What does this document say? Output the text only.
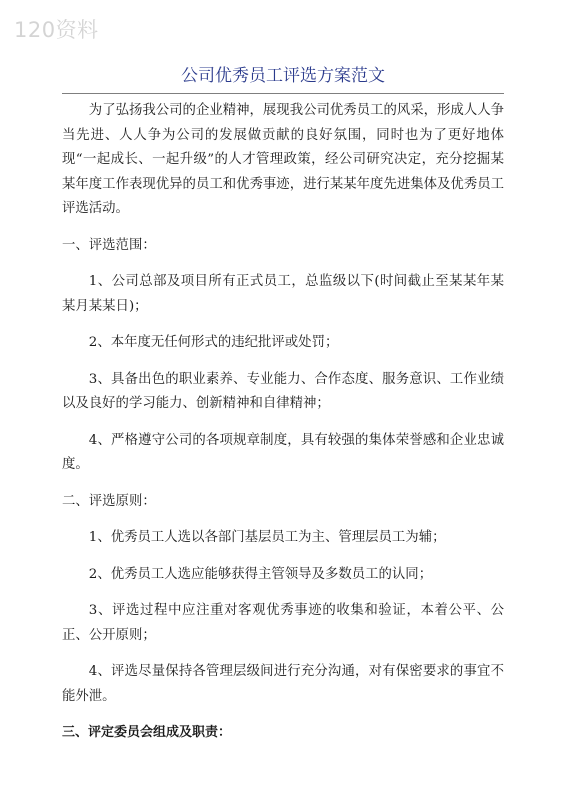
120资料
公司优秀员工评选方案范文

为了弘扬我公司的企业精神，展现我公司优秀员工的风采，形成人人争当先进、人人争为公司的发展做贡献的良好氛围，同时也为了更好地体现“一起成长、一起升级”的人才管理政策，经公司研究决定，充分挖掘某某年度工作表现优异的员工和优秀事迹，进行某某年度先进集体及优秀员工评选活动。

一、评选范围：

1、公司总部及项目所有正式员工，总监级以下(时间截止至某某年某某月某某日)；

2、本年度无任何形式的违纪批评或处罚；

3、具备出色的职业素养、专业能力、合作态度、服务意识、工作业绩以及良好的学习能力、创新精神和自律精神；

4、严格遵守公司的各项规章制度，具有较强的集体荣誉感和企业忠诚度。

二、评选原则：

1、优秀员工人选以各部门基层员工为主、管理层员工为辅；

2、优秀员工人选应能够获得主管领导及多数员工的认同；

3、评选过程中应注重对客观优秀事迹的收集和验证，本着公平、公正、公开原则；

4、评选尽量保持各管理层级间进行充分沟通，对有保密要求的事宜不能外泄。

三、评定委员会组成及职责：
